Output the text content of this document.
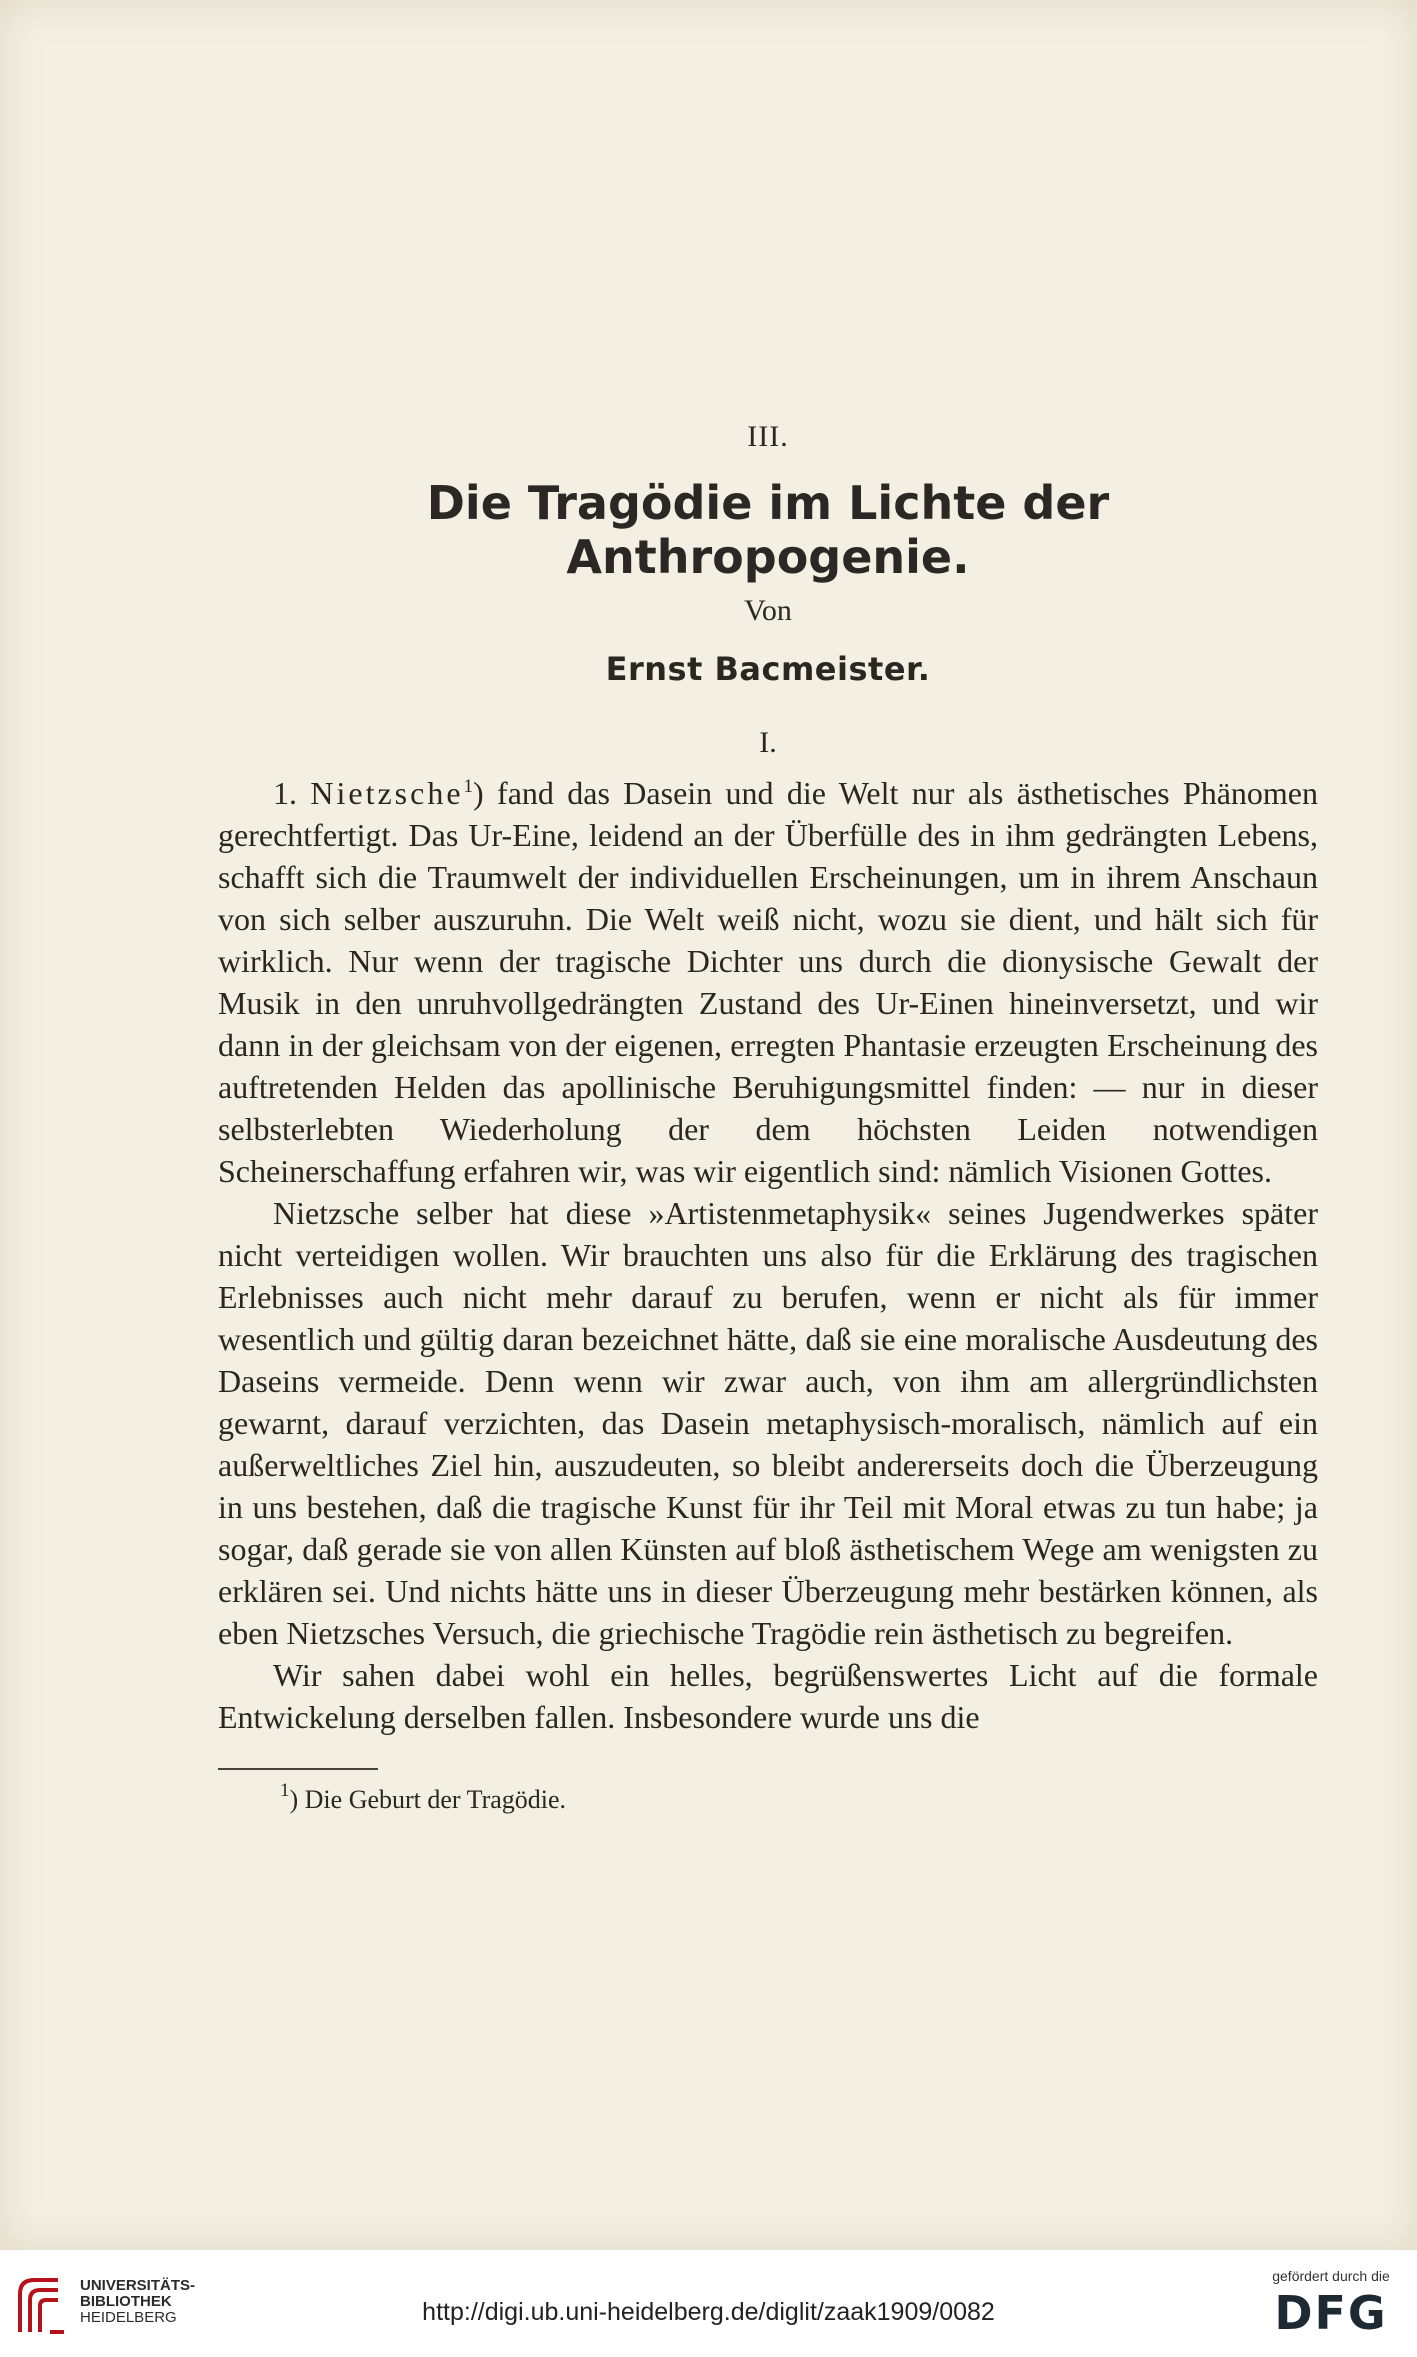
III.
Die Tragödie im Lichte der Anthropogenie.
Von
Ernst Bacmeister.
I.

1. Nietzsche$^1$) fand das Dasein und die Welt nur als ästhetisches Phänomen gerechtfertigt. Das Ur-Eine, leidend an der Überfülle des in ihm gedrängten Lebens, schafft sich die Traumwelt der individuellen Erscheinungen, um in ihrem Anschaun von sich selber auszuruhn. Die Welt weiß nicht, wozu sie dient, und hält sich für wirklich. Nur wenn der tragische Dichter uns durch die dionysische Gewalt der Musik in den unruhvollgedrängten Zustand des Ur-Einen hineinversetzt, und wir dann in der gleichsam von der eigenen, erregten Phantasie erzeugten Erscheinung des auftretenden Helden das apollinische Beruhigungsmittel finden: — nur in dieser selbsterlebten Wiederholung der dem höchsten Leiden notwendigen Scheinerschaffung erfahren wir, was wir eigentlich sind: nämlich Visionen Gottes.

Nietzsche selber hat diese »Artistenmetaphysik« seines Jugendwerkes später nicht verteidigen wollen. Wir brauchten uns also für die Erklärung des tragischen Erlebnisses auch nicht mehr darauf zu berufen, wenn er nicht als für immer wesentlich und gültig daran bezeichnet hätte, daß sie eine moralische Ausdeutung des Daseins vermeide. Denn wenn wir zwar auch, von ihm am allergründlichsten gewarnt, darauf verzichten, das Dasein metaphysisch-moralisch, nämlich auf ein außerweltliches Ziel hin, auszudeuten, so bleibt andererseits doch die Überzeugung in uns bestehen, daß die tragische Kunst für ihr Teil mit Moral etwas zu tun habe; ja sogar, daß gerade sie von allen Künsten auf bloß ästhetischem Wege am wenigsten zu erklären sei. Und nichts hätte uns in dieser Überzeugung mehr bestärken können, als eben Nietzsches Versuch, die griechische Tragödie rein ästhetisch zu begreifen.

Wir sahen dabei wohl ein helles, begrüßenswertes Licht auf die formale Entwickelung derselben fallen. Insbesondere wurde uns die

$^1$) Die Geburt der Tragödie.

UNIVERSITÄTS-
BIBLIOTHEK
HEIDELBERG	http://digi.ub.uni-heidelberg.de/diglit/zaak1909/0082
gefördert durch die
DFG
